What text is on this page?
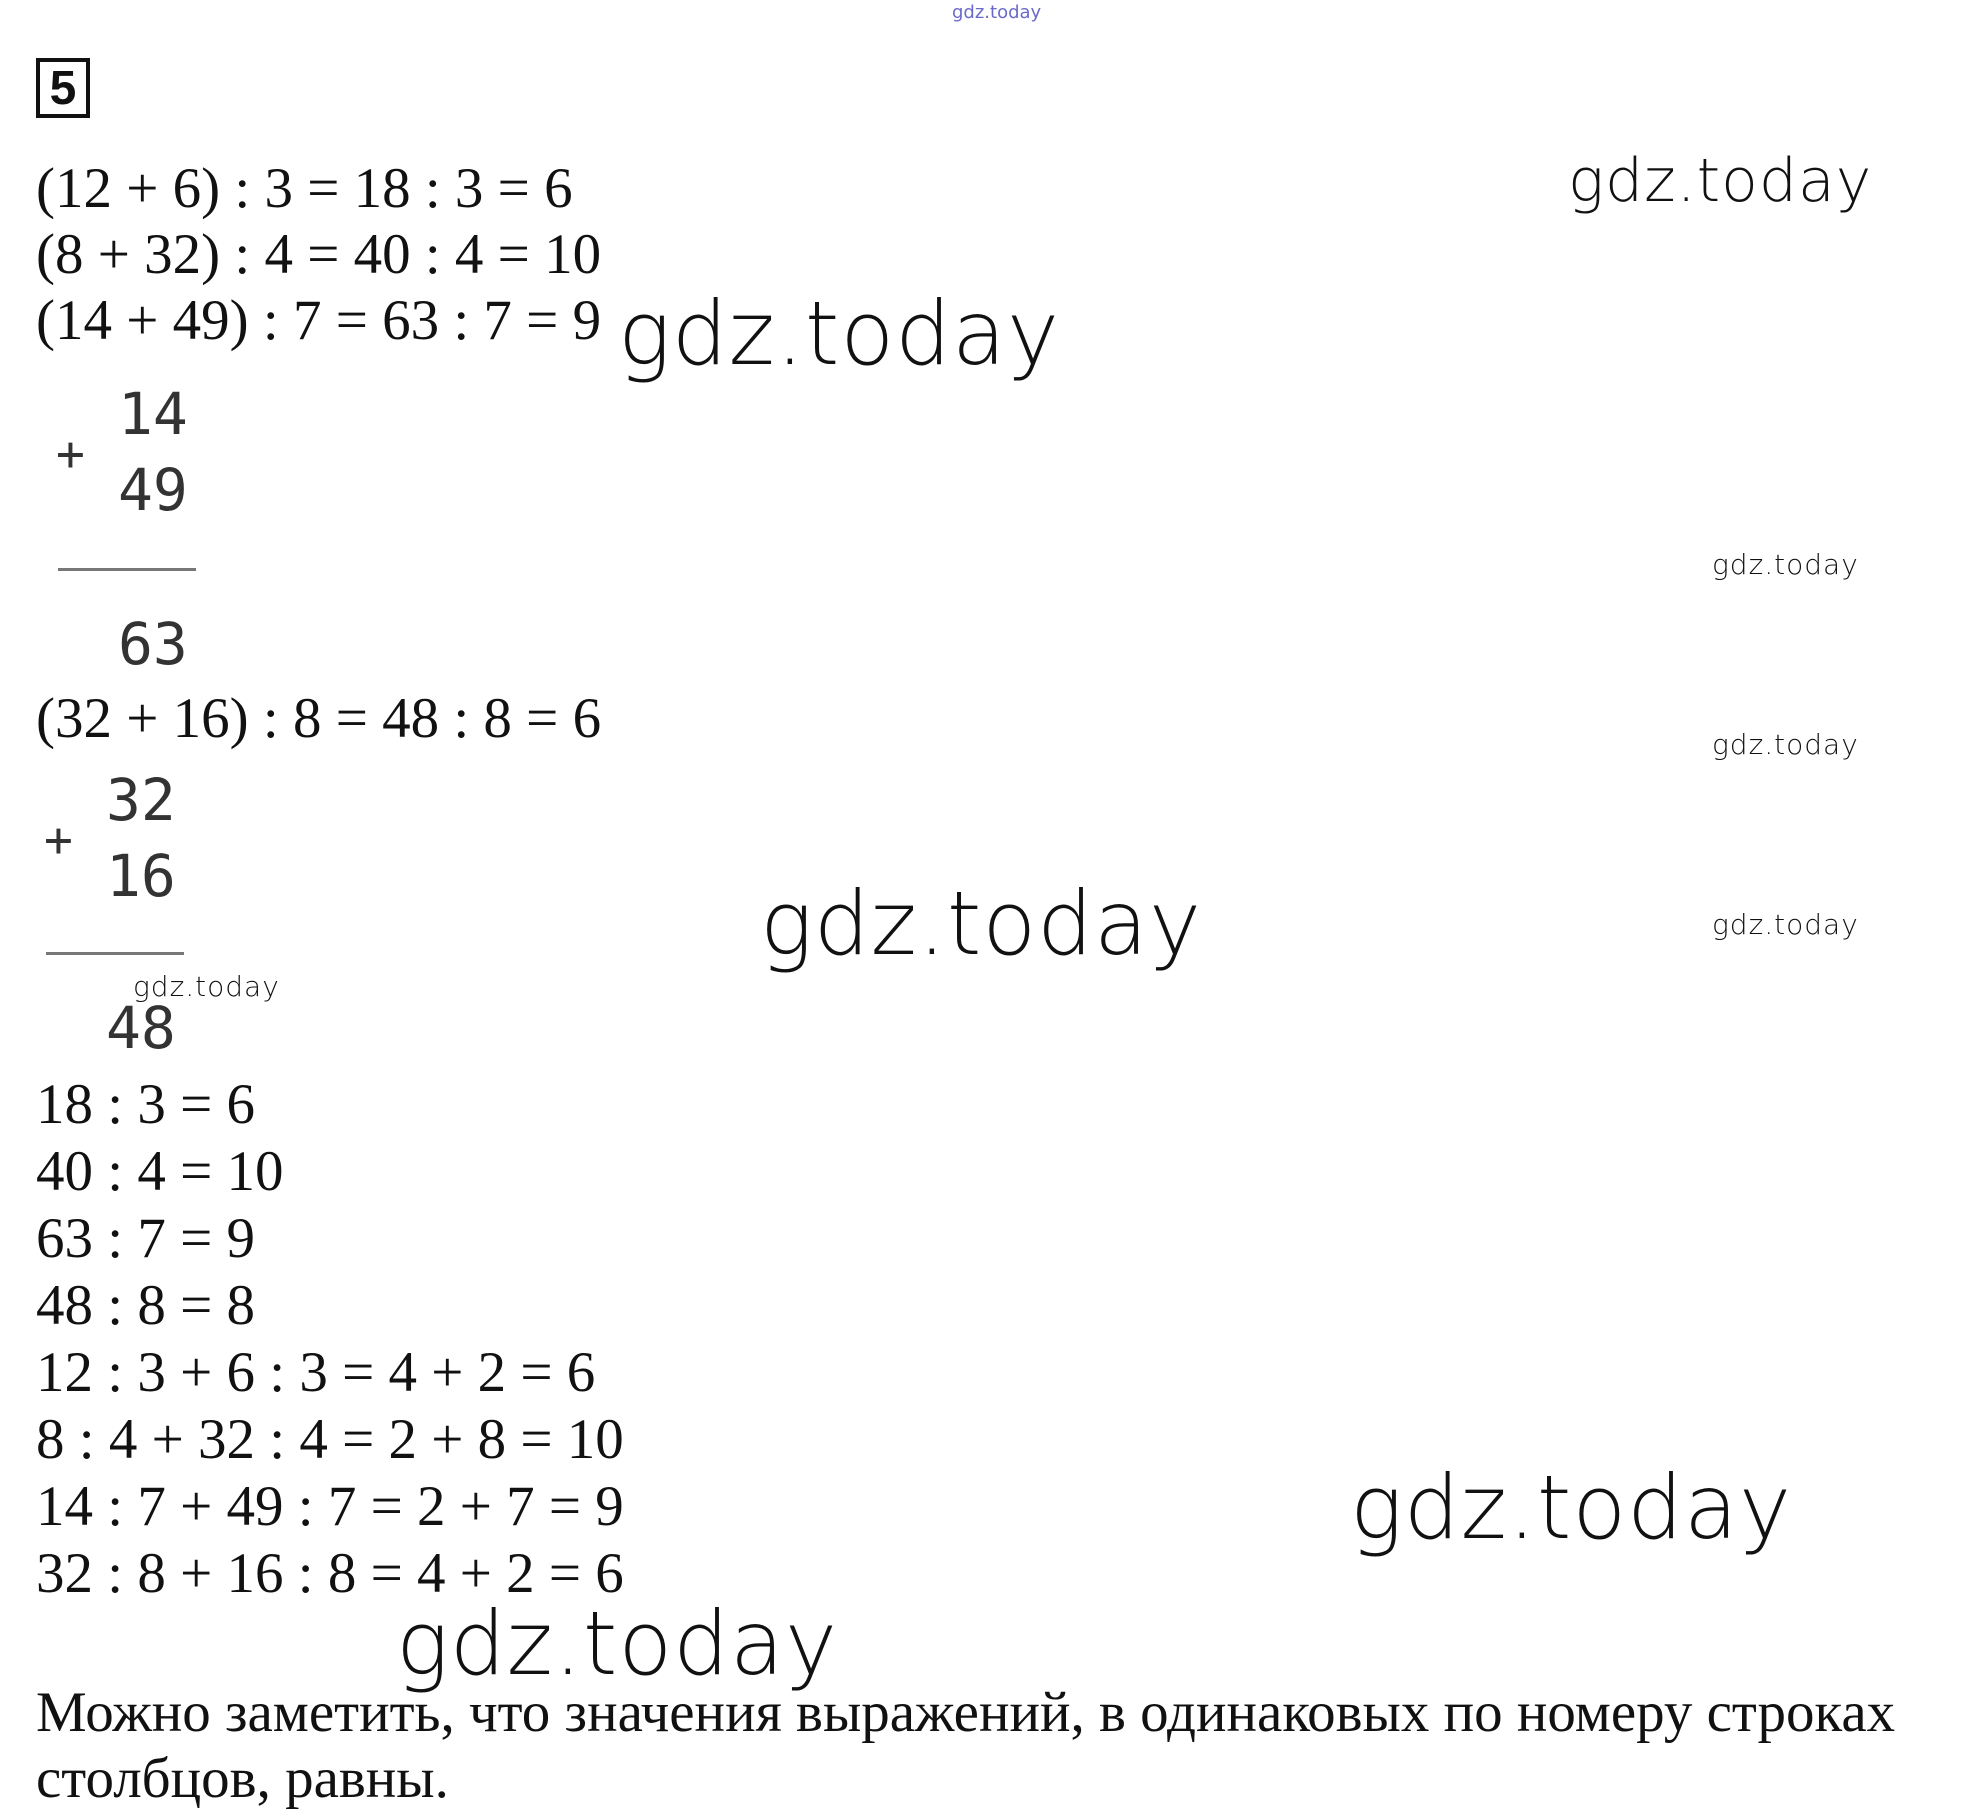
gdz.today
5
(12 + 6) : 3 = 18 : 3 = 6
(8 + 32) : 4 = 40 : 4 = 10
(14 + 49) : 7 = 63 : 7 = 9
+
14
49
63
(32 + 16) : 8 = 48 : 8 = 6
+
32
16
48
18 : 3 = 6
40 : 4 = 10
63 : 7 = 9
48 : 8 = 8
12 : 3 + 6 : 3 = 4 + 2 = 6
8 : 4 + 32 : 4 = 2 + 8 = 10
14 : 7 + 49 : 7 = 2 + 7 = 9
32 : 8 + 16 : 8 = 4 + 2 = 6
Можно заметить, что значения выражений, в одинаковых по номеру строках
столбцов, равны.
gdz.today
gdz.today
gdz.today
gdz.today
gdz.today	gdz.today
gdz.today
gdz.today
gdz.today
